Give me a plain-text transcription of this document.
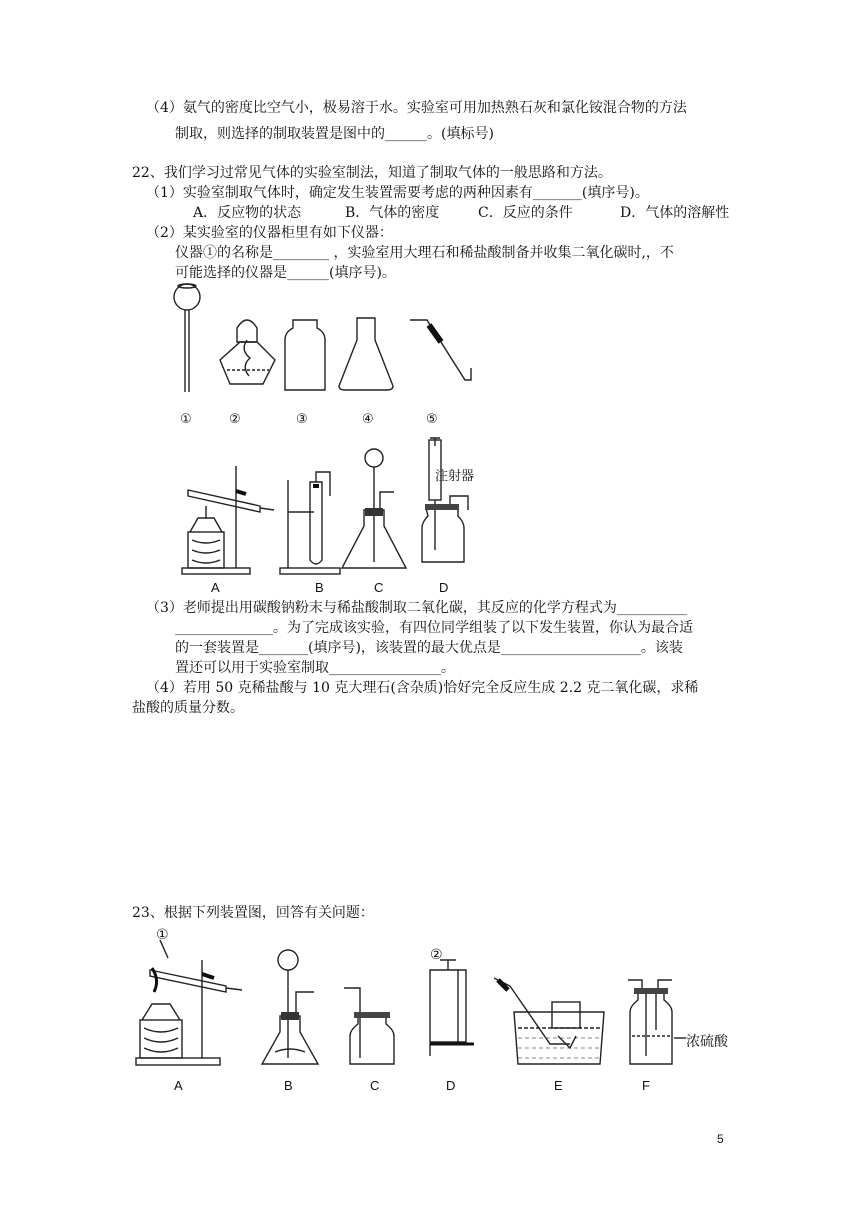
（4）氨气的密度比空气小，极易溶于水。实验室可用加热熟石灰和氯化铵混合物的方法
制取，则选择的制取装置是图中的______。(填标号)
22、我们学习过常见气体的实验室制法，知道了制取气体的一般思路和方法。
（1）实验室制取气体时，确定发生装置需要考虑的两种因素有_______(填序号)。
A．反应物的状态	B．气体的密度	C．反应的条件	D．气体的溶解性
（2）某实验室的仪器柜里有如下仪器：
仪器①的名称是________ ，实验室用大理石和稀盐酸制备并收集二氧化碳时,，不
可能选择的仪器是______(填序号)。
①	②	③	④	⑤
注射器
A	B	C	D
（3）老师提出用碳酸钠粉末与稀盐酸制取二氧化碳，其反应的化学方程式为__________
______________。为了完成该实验，有四位同学组装了以下发生装置，你认为最合适
的一套装置是_______(填序号)，该装置的最大优点是____________________。该装
置还可以用于实验室制取________________。
（4）若用 50 克稀盐酸与 10 克大理石(含杂质)恰好完全反应生成 2.2 克二氧化碳，求稀
盐酸的质量分数。
23、根据下列装置图，回答有关问题：
①
②
浓硫酸
A	B	C	D	E	F
5
